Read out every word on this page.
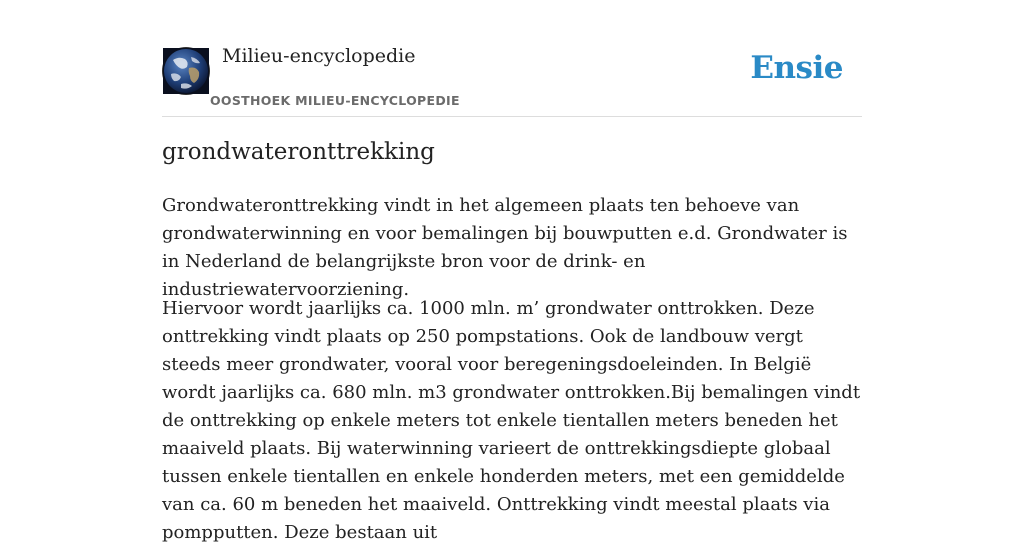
Milieu-encyclopedie
OOSTHOEK MILIEU-ENCYCLOPEDIE
Ensie
grondwateronttrekking

Grondwateronttrekking vindt in het algemeen plaats ten behoeve van grondwaterwinning en voor bemalingen bij bouwputten e.d. Grondwater is in Nederland de belangrijkste bron voor de drink- en industriewatervoorziening.

Hiervoor wordt jaarlijks ca. 1000 mln. m’ grondwater onttrokken. Deze onttrekking vindt plaats op 250 pompstations. Ook de landbouw vergt steeds meer grondwater, vooral voor beregeningsdoeleinden. In België wordt jaarlijks ca. 680 mln. m3 grondwater onttrokken.Bij bemalingen vindt de onttrekking op enkele meters tot enkele tientallen meters beneden het maaiveld plaats. Bij waterwinning varieert de onttrekkingsdiepte globaal tussen enkele tientallen en enkele honderden meters, met een gemiddelde van ca. 60 m beneden het maaiveld. Onttrekking vindt meestal plaats via pompputten. Deze bestaan uit
